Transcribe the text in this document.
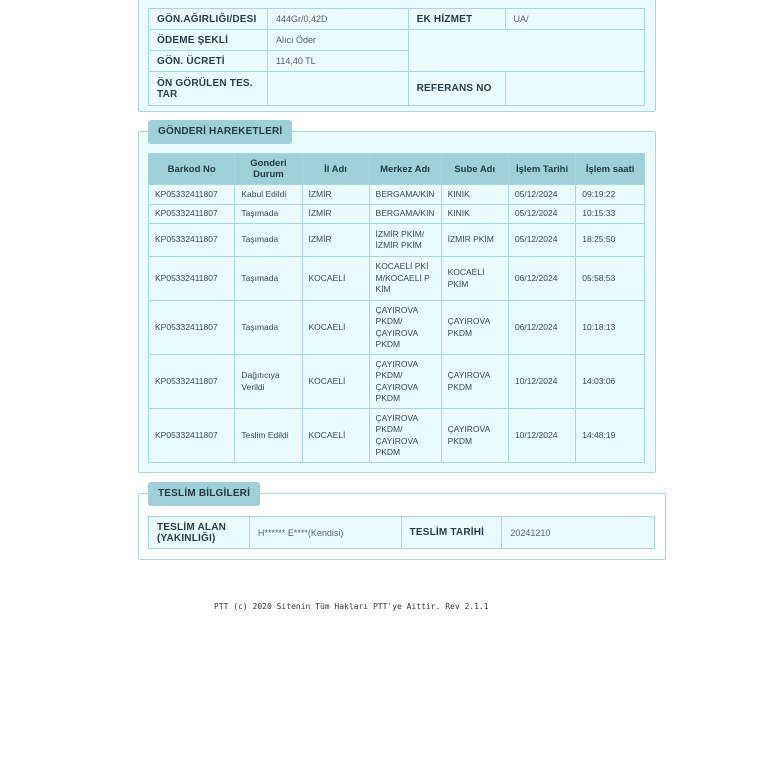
GÖN.AĞIRLIĞI/DESI	444Gr/0,42D	EK HİZMET	UA/
ÖDEME ŞEKLİ	Alıcı Öder		
GÖN. ÜCRETİ	114,40 TL		
ÖN GÖRÜLEN TES. TAR		REFERANS NO	
GÖNDERİ HAREKETLERİ
Barkod No	Gonderi Durum	İl Adı	Merkez Adı	Sube Adı	İşlem Tarihi	İşlem saati
KP05332411807	Kabul Edildi	İZMİR	BERGAMA/KIN	KINIK	05/12/2024	09:19:22
KP05332411807	Taşımada	İZMİR	BERGAMA/KIN	KINIK	05/12/2024	10:15:33
KP05332411807	Taşımada	İZMİR	İZMİR PKİM/ İZMİR PKİM	İZMİR PKİM	05/12/2024	18:25:50
KP05332411807	Taşımada	KOCAELİ	KOCAELİ PKİM/KOCAELİ PKİM	KOCAELİ PKİM	06/12/2024	05:58:53
KP05332411807	Taşımada	KOCAELİ	ÇAYIROVA PKDM/ ÇAYIROVA PKDM	ÇAYIROVA PKDM	06/12/2024	10:18:13
KP05332411807	Dağıtıcıya Verildi	KOCAELİ	ÇAYIROVA PKDM/ ÇAYIROVA PKDM	ÇAYIROVA PKDM	10/12/2024	14:03:06
KP05332411807	Teslim Edildi	KOCAELİ	ÇAYIROVA PKDM/ ÇAYIROVA PKDM	ÇAYIROVA PKDM	10/12/2024	14:48:19
TESLİM BİLGİLERİ
TESLİM ALAN (YAKINLIĞI)	H****** E****(Kendisi)	TESLİM TARİHİ	20241210
PTT (c) 2020 Sitenin Tüm Hakları PTT'ye Aittir. Rev 2.1.1
